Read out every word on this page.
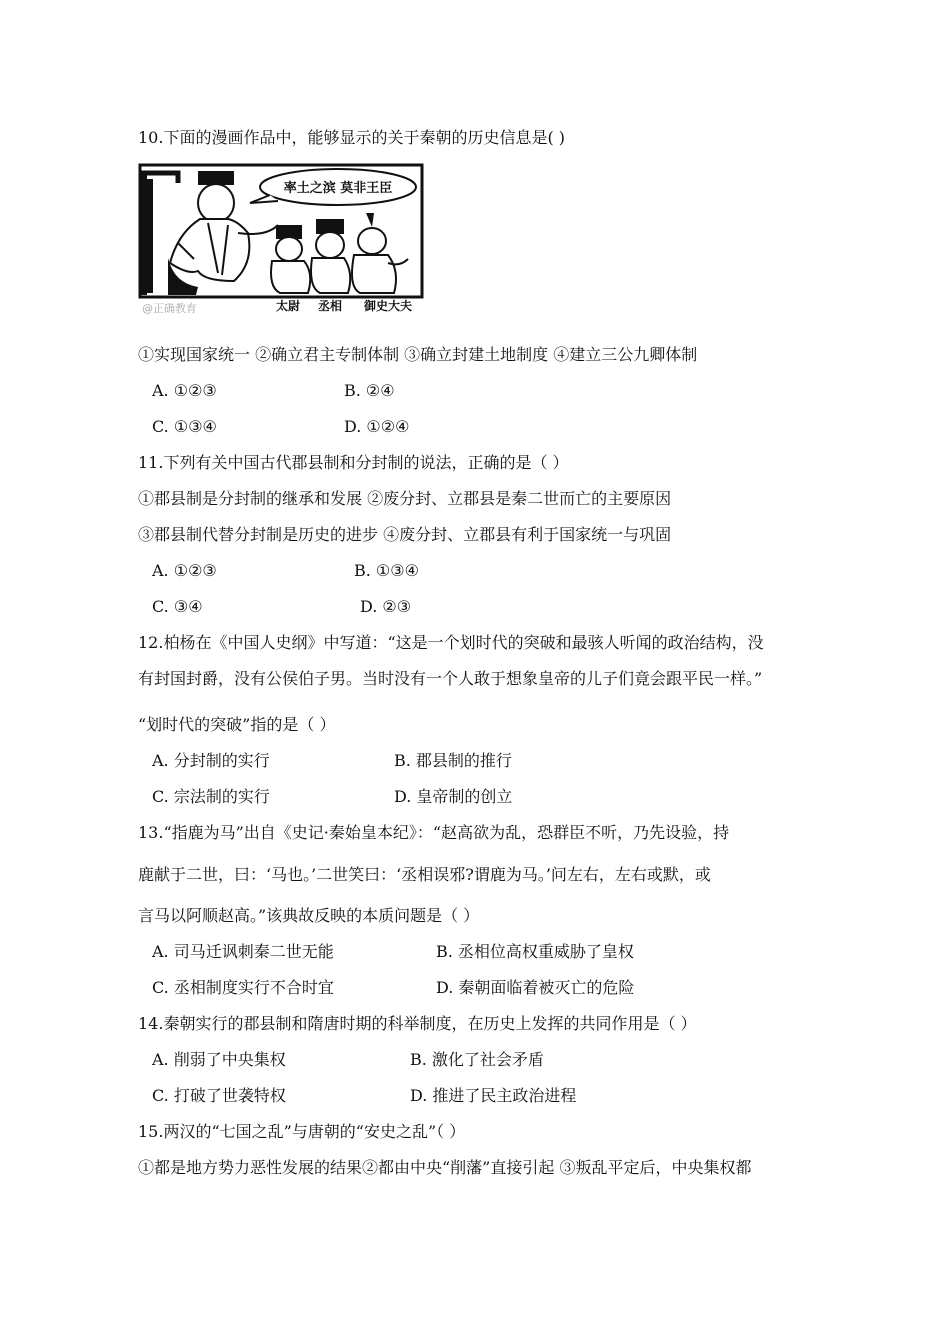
10.下面的漫画作品中，能够显示的关于秦朝的历史信息是( )
率土之滨 莫非王臣
太尉 丞相 御史大夫
@正确教育
①实现国家统一 ②确立君主专制体制 ③确立封建土地制度 ④建立三公九卿体制
A. ①②③	B. ②④
C. ①③④	D. ①②④
11.下列有关中国古代郡县制和分封制的说法，正确的是（ ）
①郡县制是分封制的继承和发展 ②废分封、立郡县是秦二世而亡的主要原因
③郡县制代替分封制是历史的进步 ④废分封、立郡县有利于国家统一与巩固
A. ①②③	B. ①③④
C. ③④	D. ②③
12.柏杨在《中国人史纲》中写道：“这是一个划时代的突破和最骇人听闻的政治结构，没
有封国封爵，没有公侯伯子男。当时没有一个人敢于想象皇帝的儿子们竟会跟平民一样。”
“划时代的突破”指的是（ ）
A. 分封制的实行	B. 郡县制的推行
C. 宗法制的实行	D. 皇帝制的创立
13.“指鹿为马”出自《史记·秦始皇本纪》：“赵高欲为乱，恐群臣不听，乃先设验，持
鹿献于二世，曰：‘马也。’二世笑曰：‘丞相误邪?谓鹿为马。’问左右，左右或默，或
言马以阿顺赵高。”该典故反映的本质问题是（ ）
A. 司马迁讽刺秦二世无能	B. 丞相位高权重威胁了皇权
C. 丞相制度实行不合时宜	D. 秦朝面临着被灭亡的危险
14.秦朝实行的郡县制和隋唐时期的科举制度，在历史上发挥的共同作用是（ ）
A. 削弱了中央集权	B. 激化了社会矛盾
C. 打破了世袭特权	D. 推进了民主政治进程
15.两汉的“七国之乱”与唐朝的“安史之乱”（ ）
①都是地方势力恶性发展的结果②都由中央“削藩”直接引起 ③叛乱平定后，中央集权都
